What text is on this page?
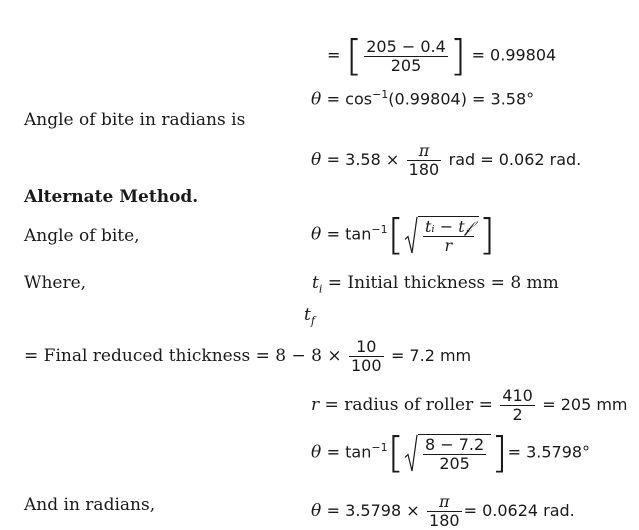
= [ $\frac{205 - 0.4}{205}$ ] = 0.99804
$\theta = \cos^{-1}(0.99804) = 3.58^\circ$
Angle of bite in radians is
$\theta = 3.58 \times \frac{\pi}{180}$ rad = 0.062 rad.
Alternate Method.
Angle of bite,	$\theta = \tan^{-1}[ \frac{\text{tᵢ − t𝒻}}{r}$ ]
Where,	$t_i$ = Initial thickness = 8 mm
$t_f$
= Final reduced thickness = $8 - 8 \times \frac{10}{100} = 7.2$ mm
r = radius of roller = $\frac{410}{2} = 205$ mm
$\theta = \tan^{-1}[ \frac{8 - 7.2}{205}$ ]= 3.5798°
And in radians,	$\theta = 3.5798 \times \frac{\pi}{180} = 0.0624$ rad.
